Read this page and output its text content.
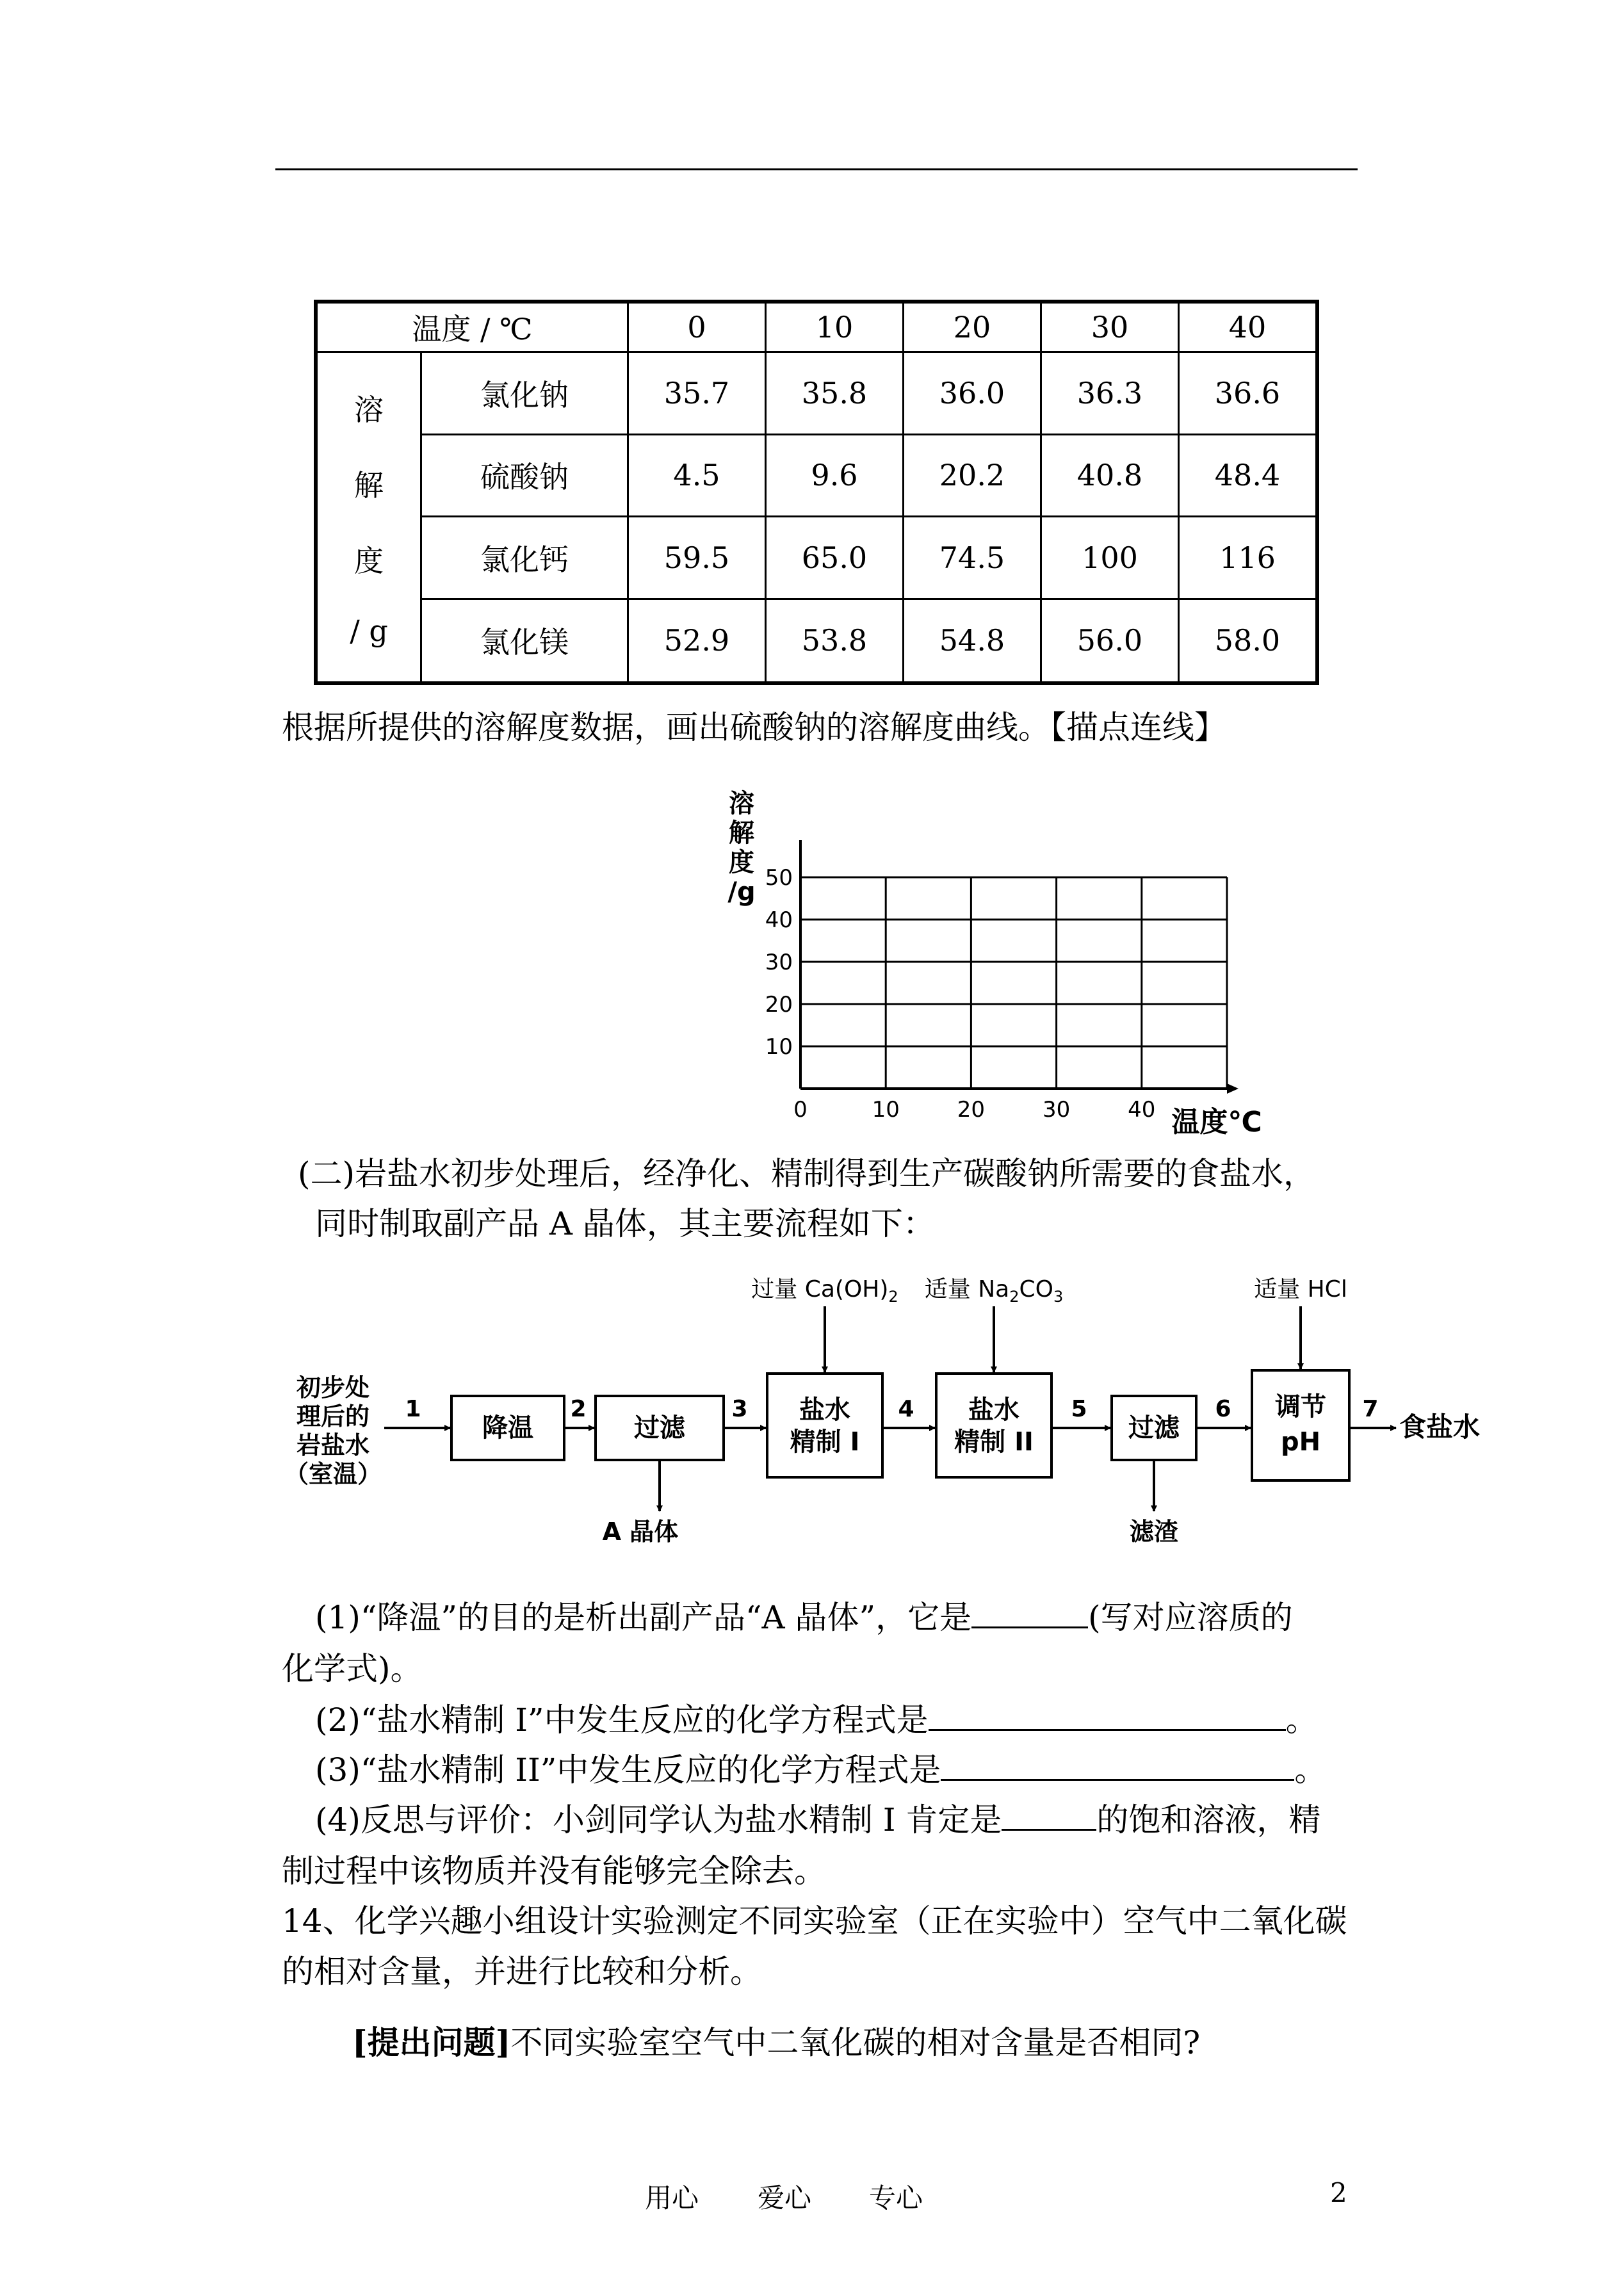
温度 / ℃		0	10	20	30	40

溶
解
度
/ g	氯化钠	35.7	35.8	36.0	36.3	36.6
	硫酸钠	4.5	9.6	20.2	40.8	48.4
	氯化钙	59.5	65.0	74.5	100	116
	氯化镁	52.9	53.8	54.8	56.0	58.0
根据所提供的溶解度数据，画出硫酸钠的溶解度曲线。【描点连线】
溶
解
度
/g
10
20
30
40
50
0	10	20	30	40 温度℃
(二)岩盐水初步处理后，经净化、精制得到生产碳酸钠所需要的食盐水，
同时制取副产品 A 晶体，其主要流程如下：
初步处
理后的
岩盐水
（室温）
降温	过滤
盐水
精制 I
盐水
精制 II	过滤
调节
pH
1	2	3	4	5	6	7
过量 $Ca(OH)_2$ 适量 $Na_2CO_3$	适量 HCl
A 晶体	滤渣
食盐水
(1)“降温”的目的是析出副产品“A 晶体”，它是	(写对应溶质的
化学式)。
(2)“盐水精制 I”中发生反应的化学方程式是	。
(3)“盐水精制 II”中发生反应的化学方程式是	。
(4)反思与评价：小剑同学认为盐水精制 I 肯定是	的饱和溶液，精
制过程中该物质并没有能够完全除去。
14、化学兴趣小组设计实验测定不同实验室（正在实验中）空气中二氧化碳
的相对含量，并进行比较和分析。
[提出问题]不同实验室空气中二氧化碳的相对含量是否相同?
用心 爱心 专心	2
